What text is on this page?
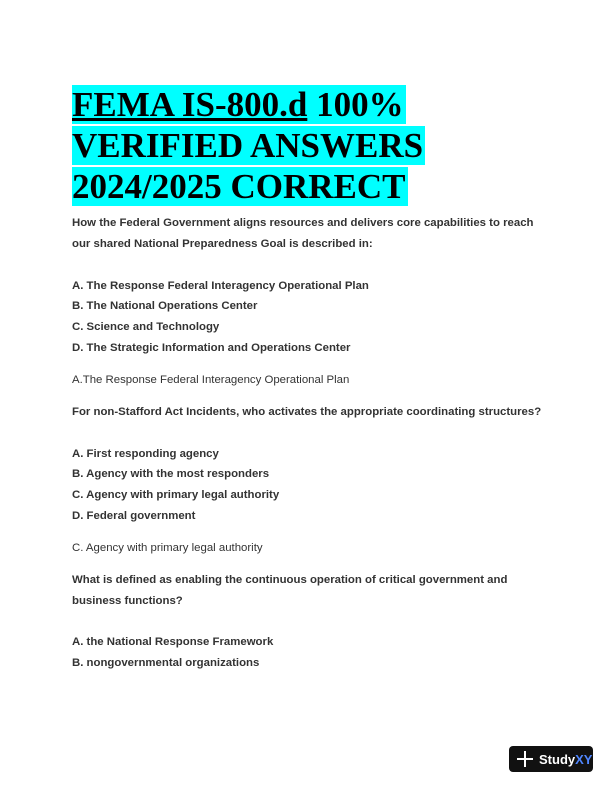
FEMA IS-800.d 100%
VERIFIED ANSWERS
2024/2025 CORRECT

How the Federal Government aligns resources and delivers core capabilities to reach our shared National Preparedness Goal is described in:

A. The Response Federal Interagency Operational Plan
B. The National Operations Center
C. Science and Technology
D. The Strategic Information and Operations Center

A.The Response Federal Interagency Operational Plan

For non-Stafford Act Incidents, who activates the appropriate coordinating structures?

A. First responding agency
B. Agency with the most responders
C. Agency with primary legal authority
D. Federal government

C. Agency with primary legal authority

What is defined as enabling the continuous operation of critical government and business functions?

A. the National Response Framework
B. nongovernmental organizations
StudyXY
